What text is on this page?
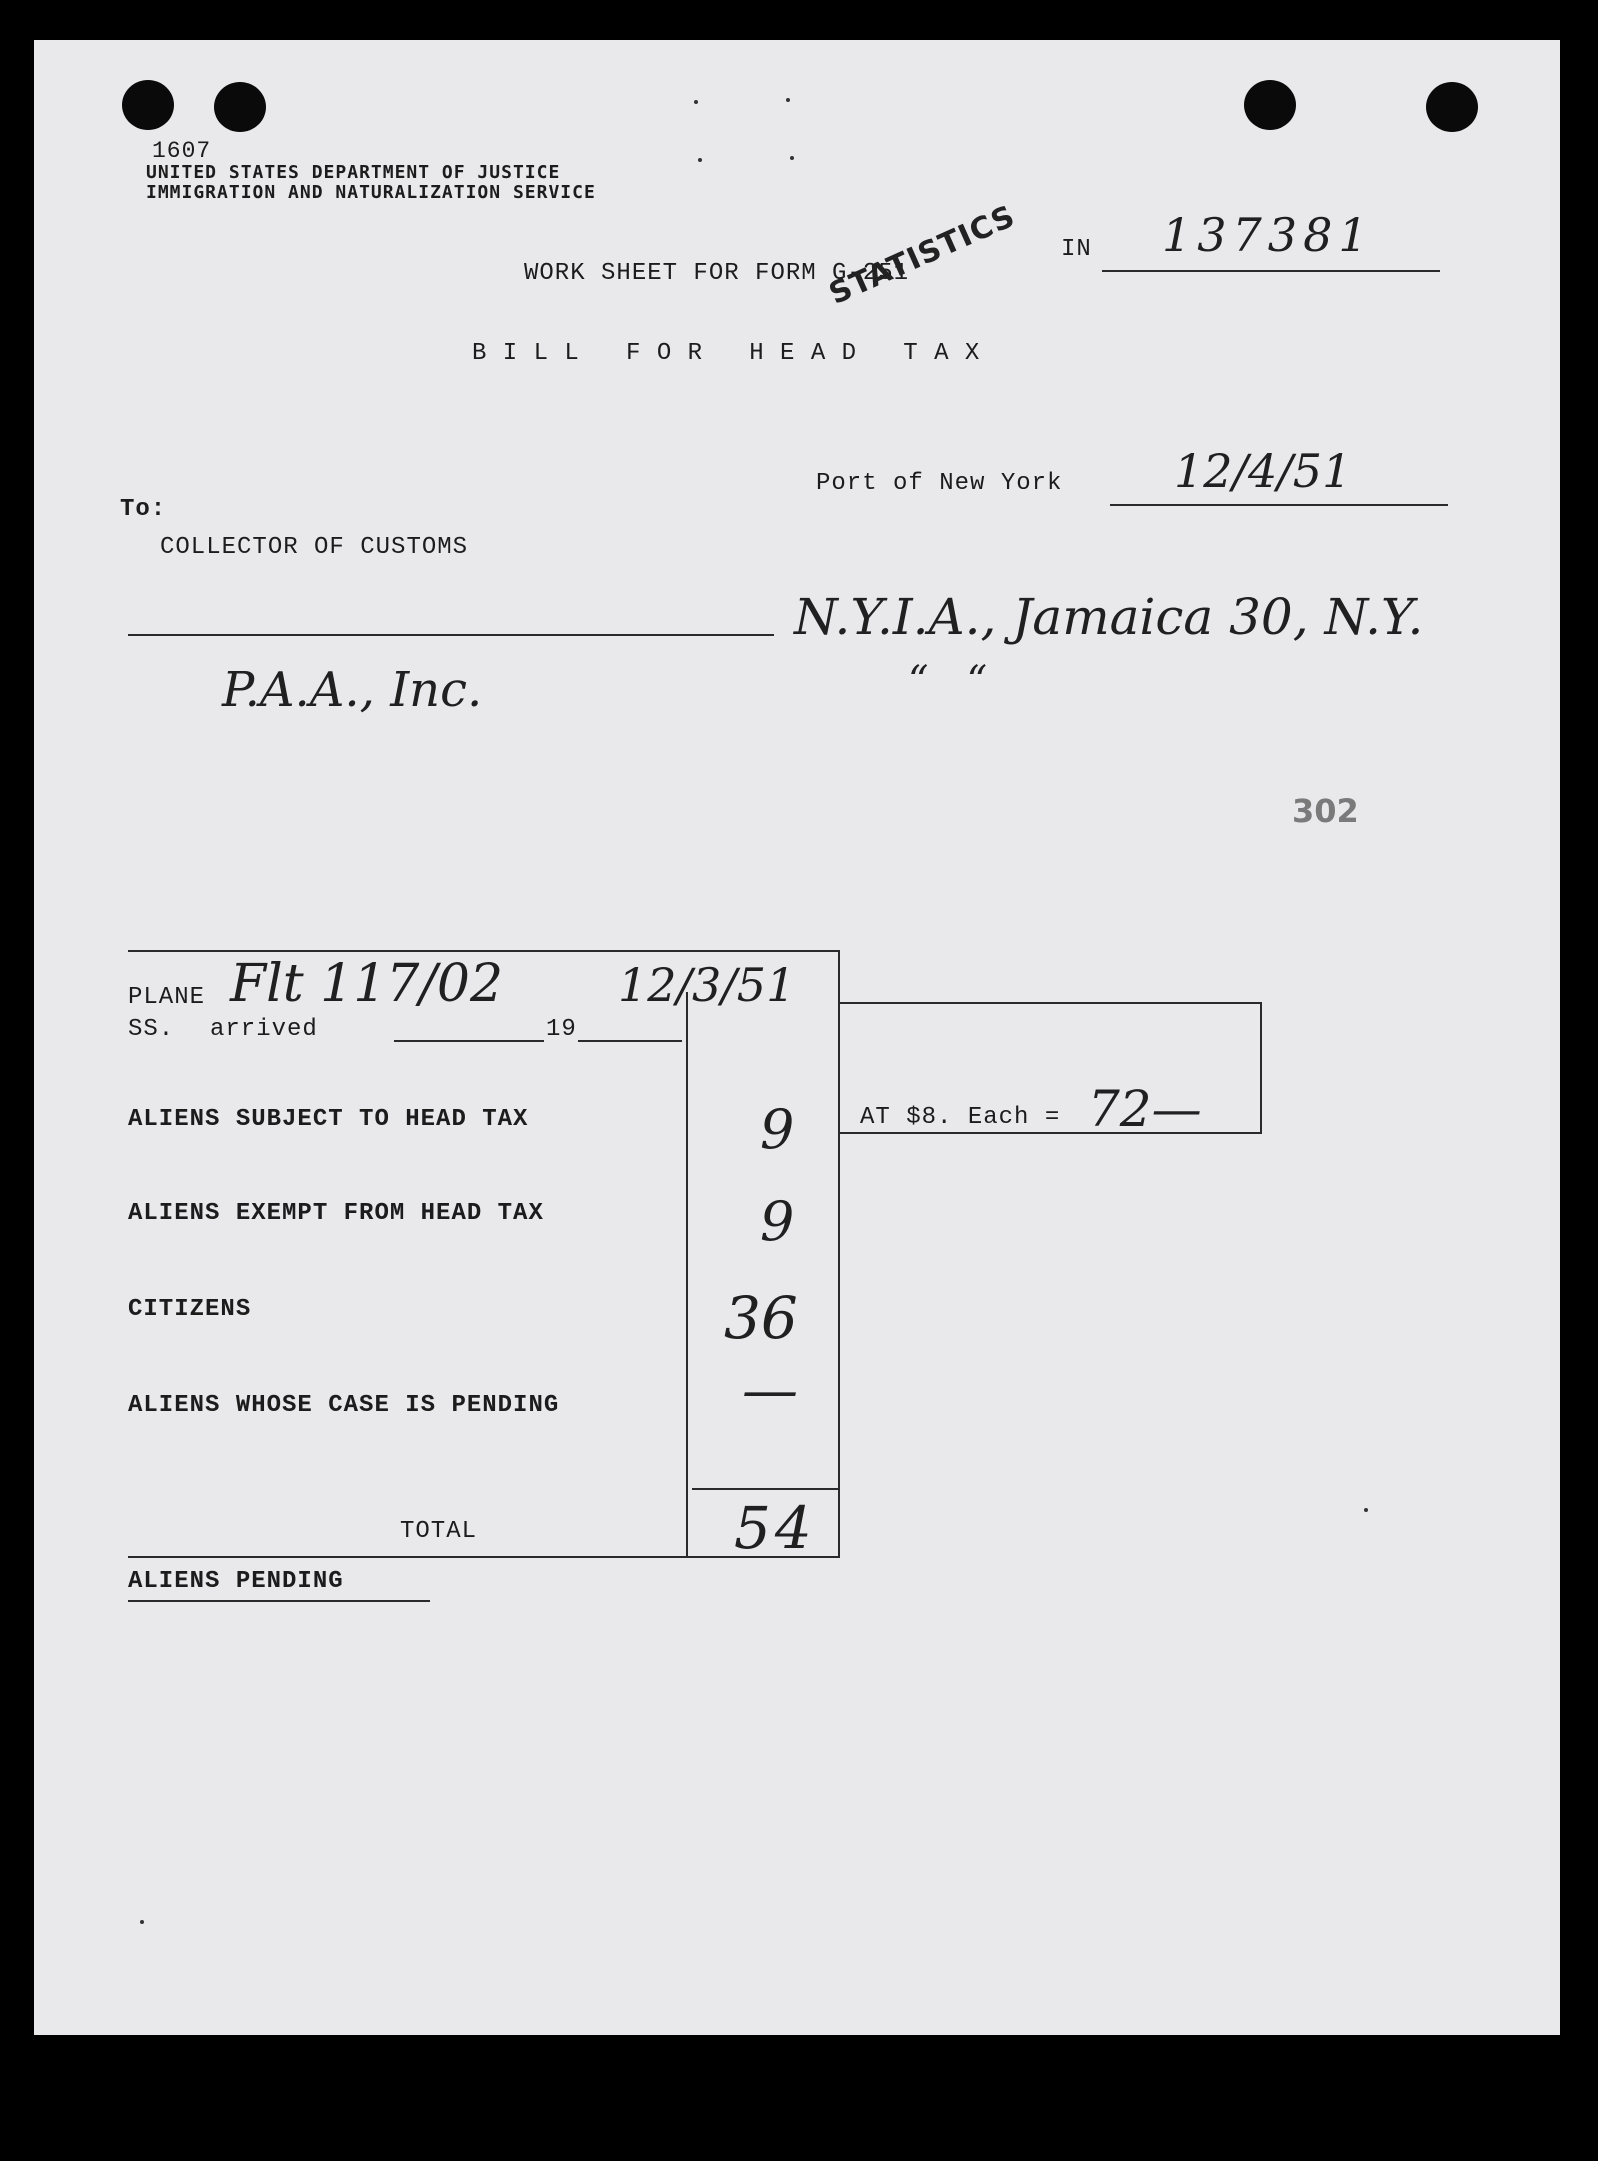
1607
UNITED STATES DEPARTMENT OF JUSTICE
IMMIGRATION AND NATURALIZATION SERVICE
IN 137381
WORK SHEET FOR FORM G-251
STATISTICS
B I L L   F O R   H E A D   T A X
Port of New York 12/4/51
To:
COLLECTOR OF CUSTOMS
N.Y.I.A., Jamaica 30, N.Y.
“   “
P.A.A., Inc.
302
PLANE Flt 117/02 12/3/51
SS. arrived	19
ALIENS SUBJECT TO HEAD TAX	9	AT $8. Each = 72—
ALIENS EXEMPT FROM HEAD TAX	9
CITIZENS	36
ALIENS WHOSE CASE IS PENDING	—
TOTAL	54
ALIENS PENDING
